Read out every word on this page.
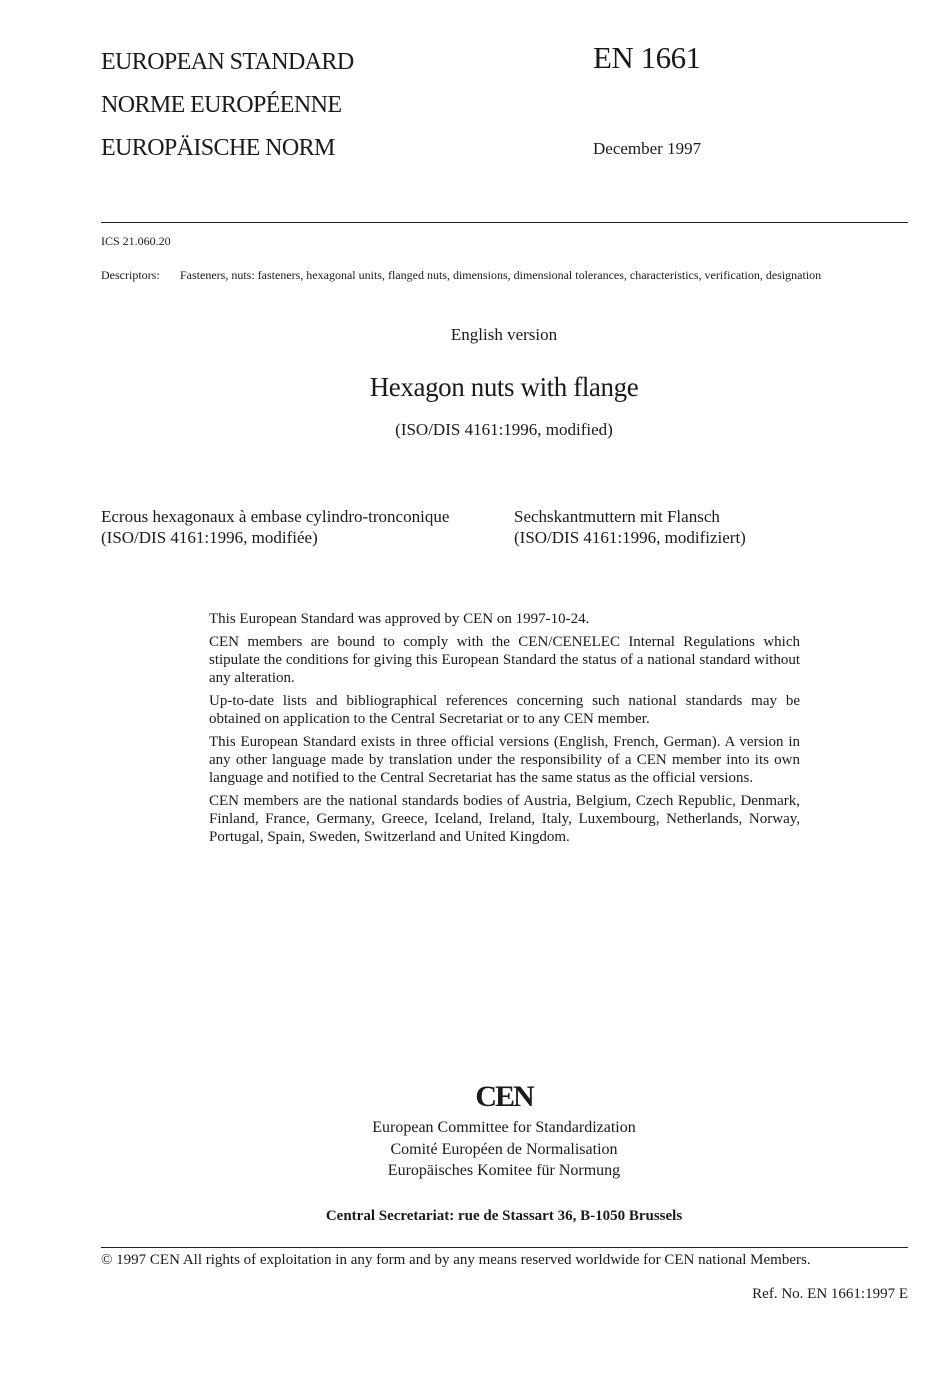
EUROPEAN STANDARD
NORME EUROPÉENNE
EUROPÄISCHE NORM
EN 1661
December 1997
ICS 21.060.20
Descriptors: Fasteners, nuts: fasteners, hexagonal units, flanged nuts, dimensions, dimensional tolerances, characteristics, verification, designation
English version
Hexagon nuts with flange
(ISO/DIS 4161:1996, modified)
Ecrous hexagonaux à embase cylindro-tronconique
(ISO/DIS 4161:1996, modifiée)
Sechskantmuttern mit Flansch
(ISO/DIS 4161:1996, modifiziert)

This European Standard was approved by CEN on 1997-10-24.

CEN members are bound to comply with the CEN/CENELEC Internal Regulations which stipulate the conditions for giving this European Standard the status of a national standard without any alteration.

Up-to-date lists and bibliographical references concerning such national standards may be obtained on application to the Central Secretariat or to any CEN member.

This European Standard exists in three official versions (English, French, German). A version in any other language made by translation under the responsibility of a CEN member into its own language and notified to the Central Secretariat has the same status as the official versions.

CEN members are the national standards bodies of Austria, Belgium, Czech Republic, Denmark, Finland, France, Germany, Greece, Iceland, Ireland, Italy, Luxembourg, Netherlands, Norway, Portugal, Spain, Sweden, Switzerland and United Kingdom.

CEN
European Committee for Standardization
Comité Européen de Normalisation
Europäisches Komitee für Normung
Central Secretariat: rue de Stassart 36, B-1050 Brussels
© 1997 CEN All rights of exploitation in any form and by any means reserved worldwide for CEN national Members.
Ref. No. EN 1661:1997 E
